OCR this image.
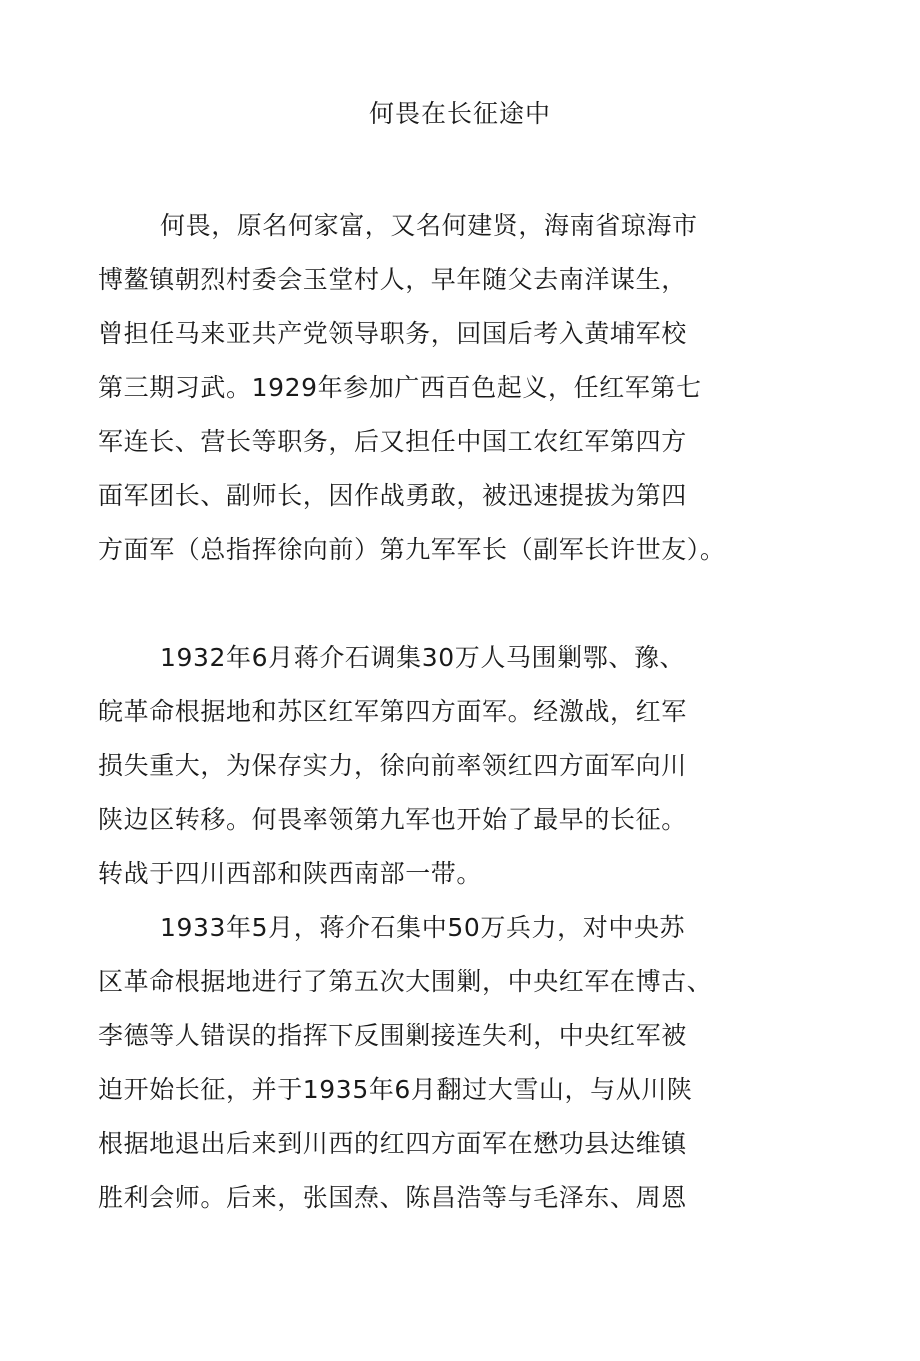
何畏在长征途中
何畏，原名何家富，又名何建贤，海南省琼海市
博鳌镇朝烈村委会玉堂村人，早年随父去南洋谋生，
曾担任马来亚共产党领导职务，回国后考入黄埔军校
第三期习武。1929年参加广西百色起义，任红军第七
军连长、营长等职务，后又担任中国工农红军第四方
面军团长、副师长，因作战勇敢，被迅速提拔为第四
方面军（总指挥徐向前）第九军军长（副军长许世友）。
1932年6月蒋介石调集30万人马围剿鄂、豫、
皖革命根据地和苏区红军第四方面军。经激战，红军
损失重大，为保存实力，徐向前率领红四方面军向川
陕边区转移。何畏率领第九军也开始了最早的长征。
转战于四川西部和陕西南部一带。
1933年5月，蒋介石集中50万兵力，对中央苏
区革命根据地进行了第五次大围剿，中央红军在博古、
李德等人错误的指挥下反围剿接连失利，中央红军被
迫开始长征，并于1935年6月翻过大雪山，与从川陕
根据地退出后来到川西的红四方面军在懋功县达维镇
胜利会师。后来，张国焘、陈昌浩等与毛泽东、周恩
